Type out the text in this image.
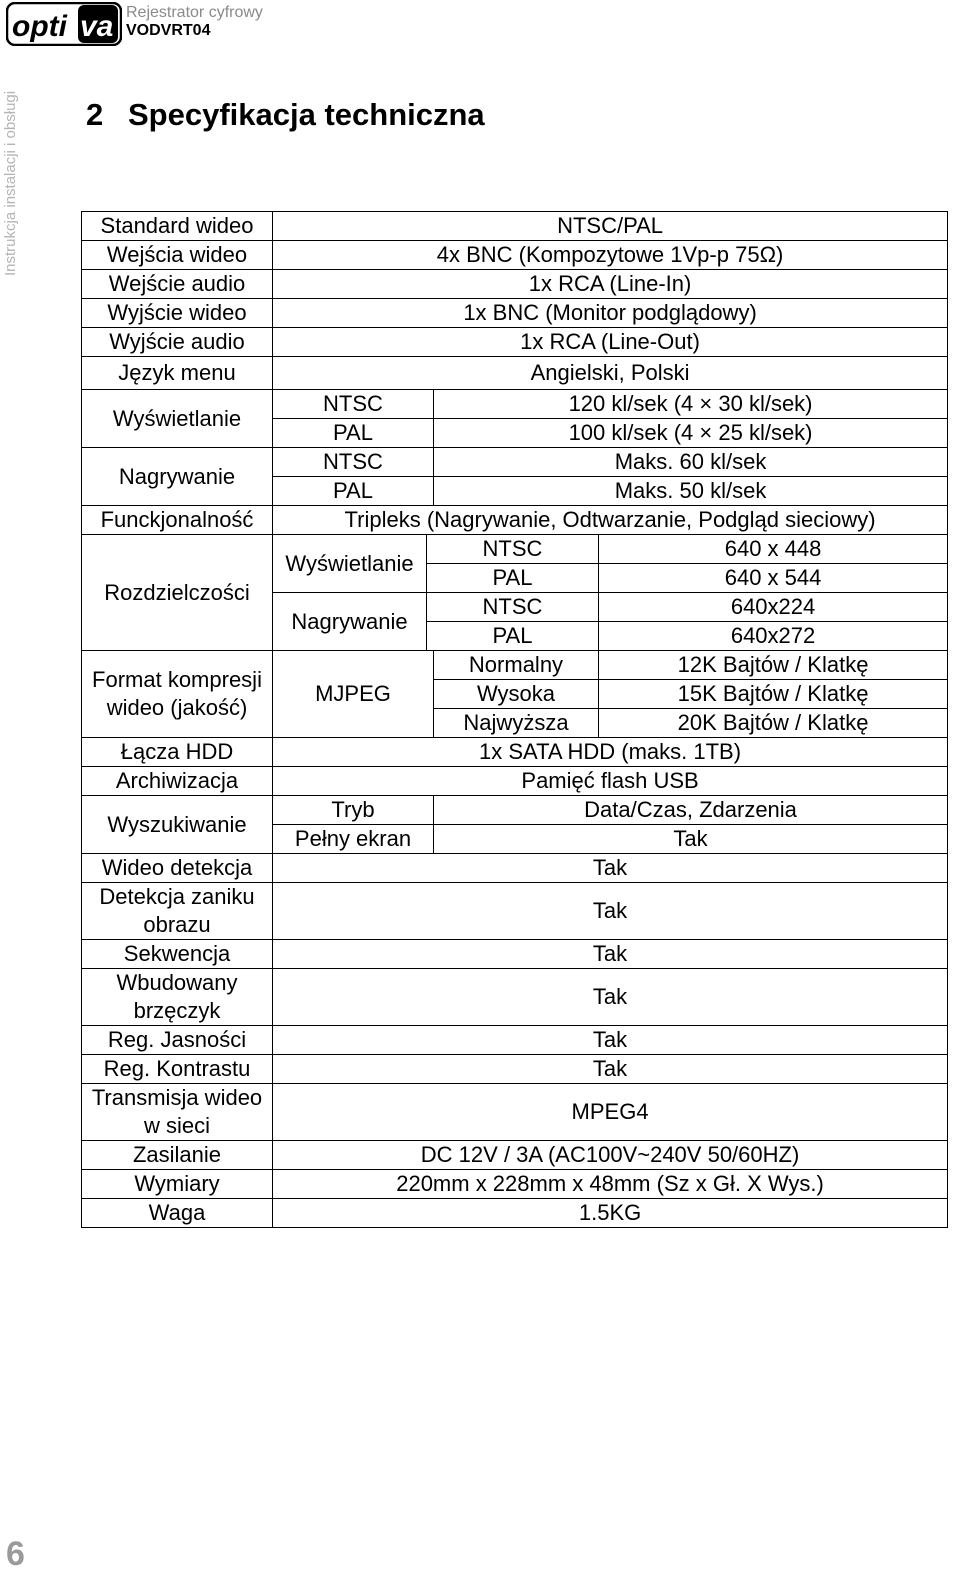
opti va Rejestrator cyfrowy
VODVRT04
Instrukcja instalacji i obsługi 2 Specyfikacja techniczna
Standard wideo	NTSC/PAL			
Wejścia wideo	4x BNC (Kompozytowe 1Vp-p 75Ω)			
Wejście audio	1x RCA (Line-In)			
Wyjście wideo	1x BNC (Monitor podglądowy)			
Wyjście audio	1x RCA (Line-Out)			
Język menu	Angielski, Polski			
Wyświetlanie	NTSC		120 kl/sek (4 × 30 kl/sek)	
	PAL		100 kl/sek (4 × 25 kl/sek)	
Nagrywanie	NTSC		Maks. 60 kl/sek	
	PAL		Maks. 50 kl/sek	
Funckjonalność	Tripleks (Nagrywanie, Odtwarzanie, Podgląd sieciowy)			
Rozdzielczości	Wyświetlanie	NTSC		640 x 448
		PAL		640 x 544
	Nagrywanie	NTSC		640x224
		PAL		640x272

Format kompresji
wideo (jakość)	MJPEG		Normalny	12K Bajtów / Klatkę
			Wysoka	15K Bajtów / Klatkę
			Najwyższa	20K Bajtów / Klatkę
Łącza HDD	1x SATA HDD (maks. 1TB)			
Archiwizacja	Pamięć flash USB			
Wyszukiwanie	Tryb		Data/Czas, Zdarzenia	
	Pełny ekran		Tak	
Wideo detekcja	Tak			
Detekcja zaniku obrazu	Tak			
Sekwencja	Tak			
Wbudowany brzęczyk	Tak			
Reg. Jasności	Tak			
Reg. Kontrastu	Tak			
Transmisja wideo w sieci	MPEG4			
Zasilanie	DC 12V / 3A (AC100V~240V 50/60HZ)			
Wymiary	220mm x 228mm x 48mm (Sz x Gł. X Wys.)			
Waga	1.5KG			
6
